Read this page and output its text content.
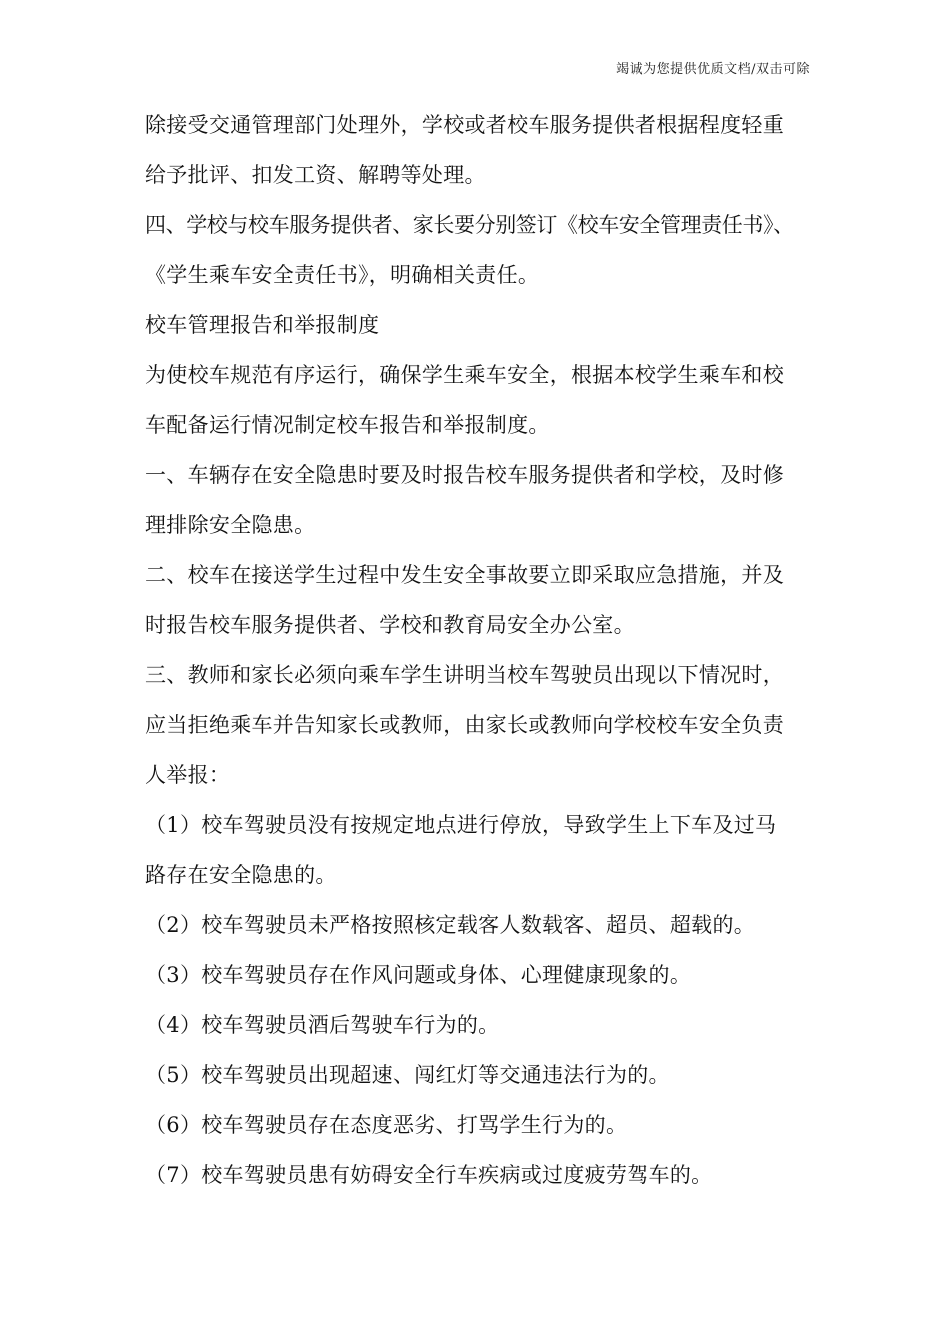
竭诚为您提供优质文档/双击可除
除接受交通管理部门处理外，学校或者校车服务提供者根据程度轻重
给予批评、扣发工资、解聘等处理。
四、学校与校车服务提供者、家长要分别签订《校车安全管理责任书》、
《学生乘车安全责任书》，明确相关责任。
校车管理报告和举报制度
为使校车规范有序运行，确保学生乘车安全，根据本校学生乘车和校
车配备运行情况制定校车报告和举报制度。
一、车辆存在安全隐患时要及时报告校车服务提供者和学校，及时修
理排除安全隐患。
二、校车在接送学生过程中发生安全事故要立即采取应急措施，并及
时报告校车服务提供者、学校和教育局安全办公室。
三、教师和家长必须向乘车学生讲明当校车驾驶员出现以下情况时，
应当拒绝乘车并告知家长或教师，由家长或教师向学校校车安全负责
人举报：
（1）校车驾驶员没有按规定地点进行停放，导致学生上下车及过马
路存在安全隐患的。
（2）校车驾驶员未严格按照核定载客人数载客、超员、超载的。
（3）校车驾驶员存在作风问题或身体、心理健康现象的。
（4）校车驾驶员酒后驾驶车行为的。
（5）校车驾驶员出现超速、闯红灯等交通违法行为的。
（6）校车驾驶员存在态度恶劣、打骂学生行为的。
（7）校车驾驶员患有妨碍安全行车疾病或过度疲劳驾车的。
